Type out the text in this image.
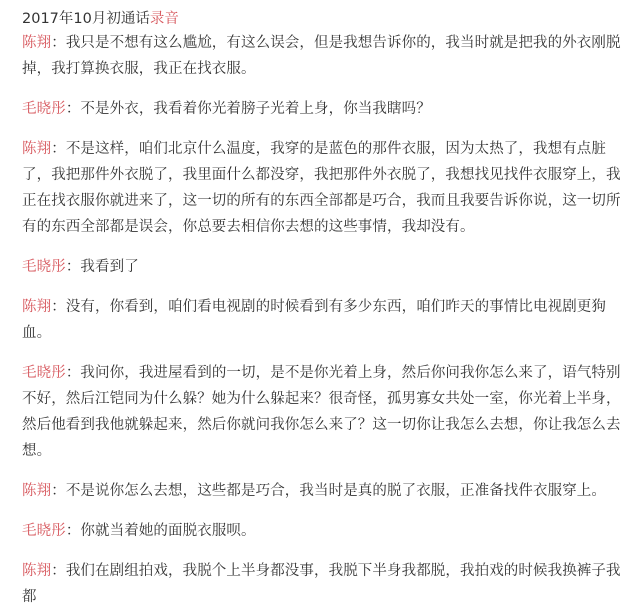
2017年10月初通话录音

陈翔：我只是不想有这么尴尬，有这么误会，但是我想告诉你的，我当时就是把我的外衣刚脱掉，我打算换衣服，我正在找衣服。

毛晓彤：不是外衣，我看着你光着膀子光着上身，你当我瞎吗？

陈翔：不是这样，咱们北京什么温度，我穿的是蓝色的那件衣服，因为太热了，我想有点脏了，我把那件外衣脱了，我里面什么都没穿，我把那件外衣脱了，我想找见找件衣服穿上，我正在找衣服你就进来了，这一切的所有的东西全部都是巧合，我而且我要告诉你说，这一切所有的东西全部都是误会，你总要去相信你去想的这些事情，我却没有。

毛晓彤：我看到了

陈翔：没有，你看到，咱们看电视剧的时候看到有多少东西，咱们昨天的事情比电视剧更狗血。

毛晓彤：我问你，我进屋看到的一切，是不是你光着上身，然后你问我你怎么来了，语气特别不好，然后江铠同为什么躲？她为什么躲起来？很奇怪，孤男寡女共处一室，你光着上半身，然后他看到我他就躲起来，然后你就问我你怎么来了？这一切你让我怎么去想，你让我怎么去想。

陈翔：不是说你怎么去想，这些都是巧合，我当时是真的脱了衣服，正准备找件衣服穿上。

毛晓彤：你就当着她的面脱衣服呗。

陈翔：我们在剧组拍戏，我脱个上半身都没事，我脱下半身我都脱，我拍戏的时候我换裤子我都
